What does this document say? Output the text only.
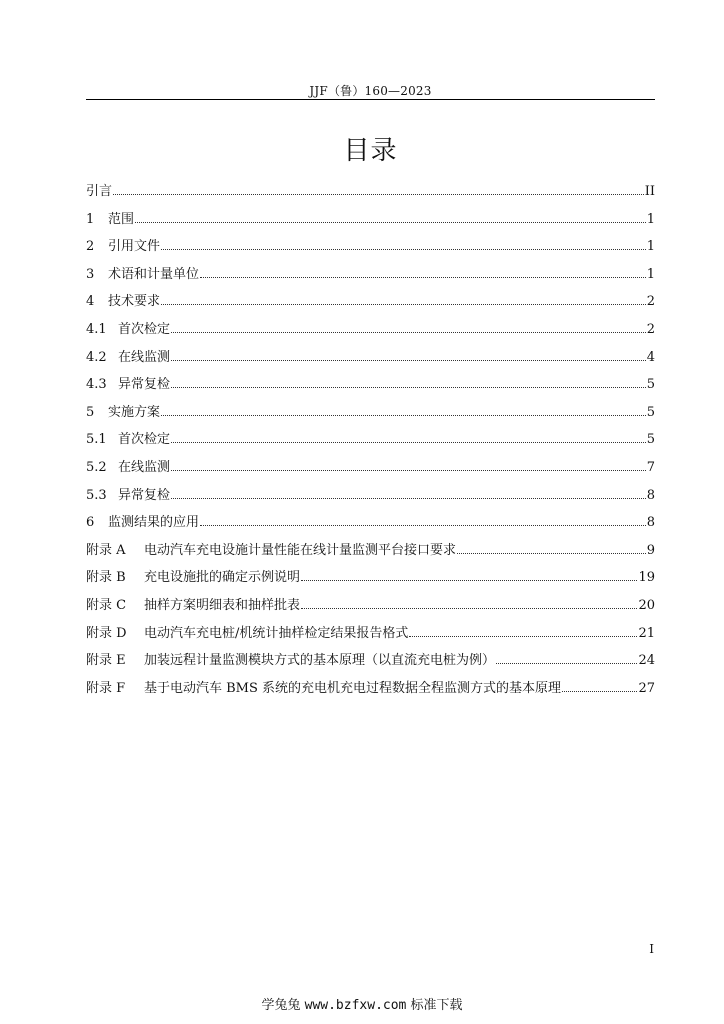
JJF（鲁）160—2023
目录
引言	II
1 范围	1
2 引用文件	1
3 术语和计量单位	1
4 技术要求	2
4.1 首次检定	2
4.2 在线监测	4
4.3 异常复检	5
5 实施方案	5
5.1 首次检定	5
5.2 在线监测	7
5.3 异常复检	8
6 监测结果的应用	8
附录 A 电动汽车充电设施计量性能在线计量监测平台接口要求	9
附录 B 充电设施批的确定示例说明	19
附录 C 抽样方案明细表和抽样批表	20
附录 D 电动汽车充电桩/机统计抽样检定结果报告格式	21
附录 E 加装远程计量监测模块方式的基本原理（以直流充电桩为例）	24
附录 F 基于电动汽车 BMS 系统的充电机充电过程数据全程监测方式的基本原理	27
I
学兔兔 www.bzfxw.com 标准下载
